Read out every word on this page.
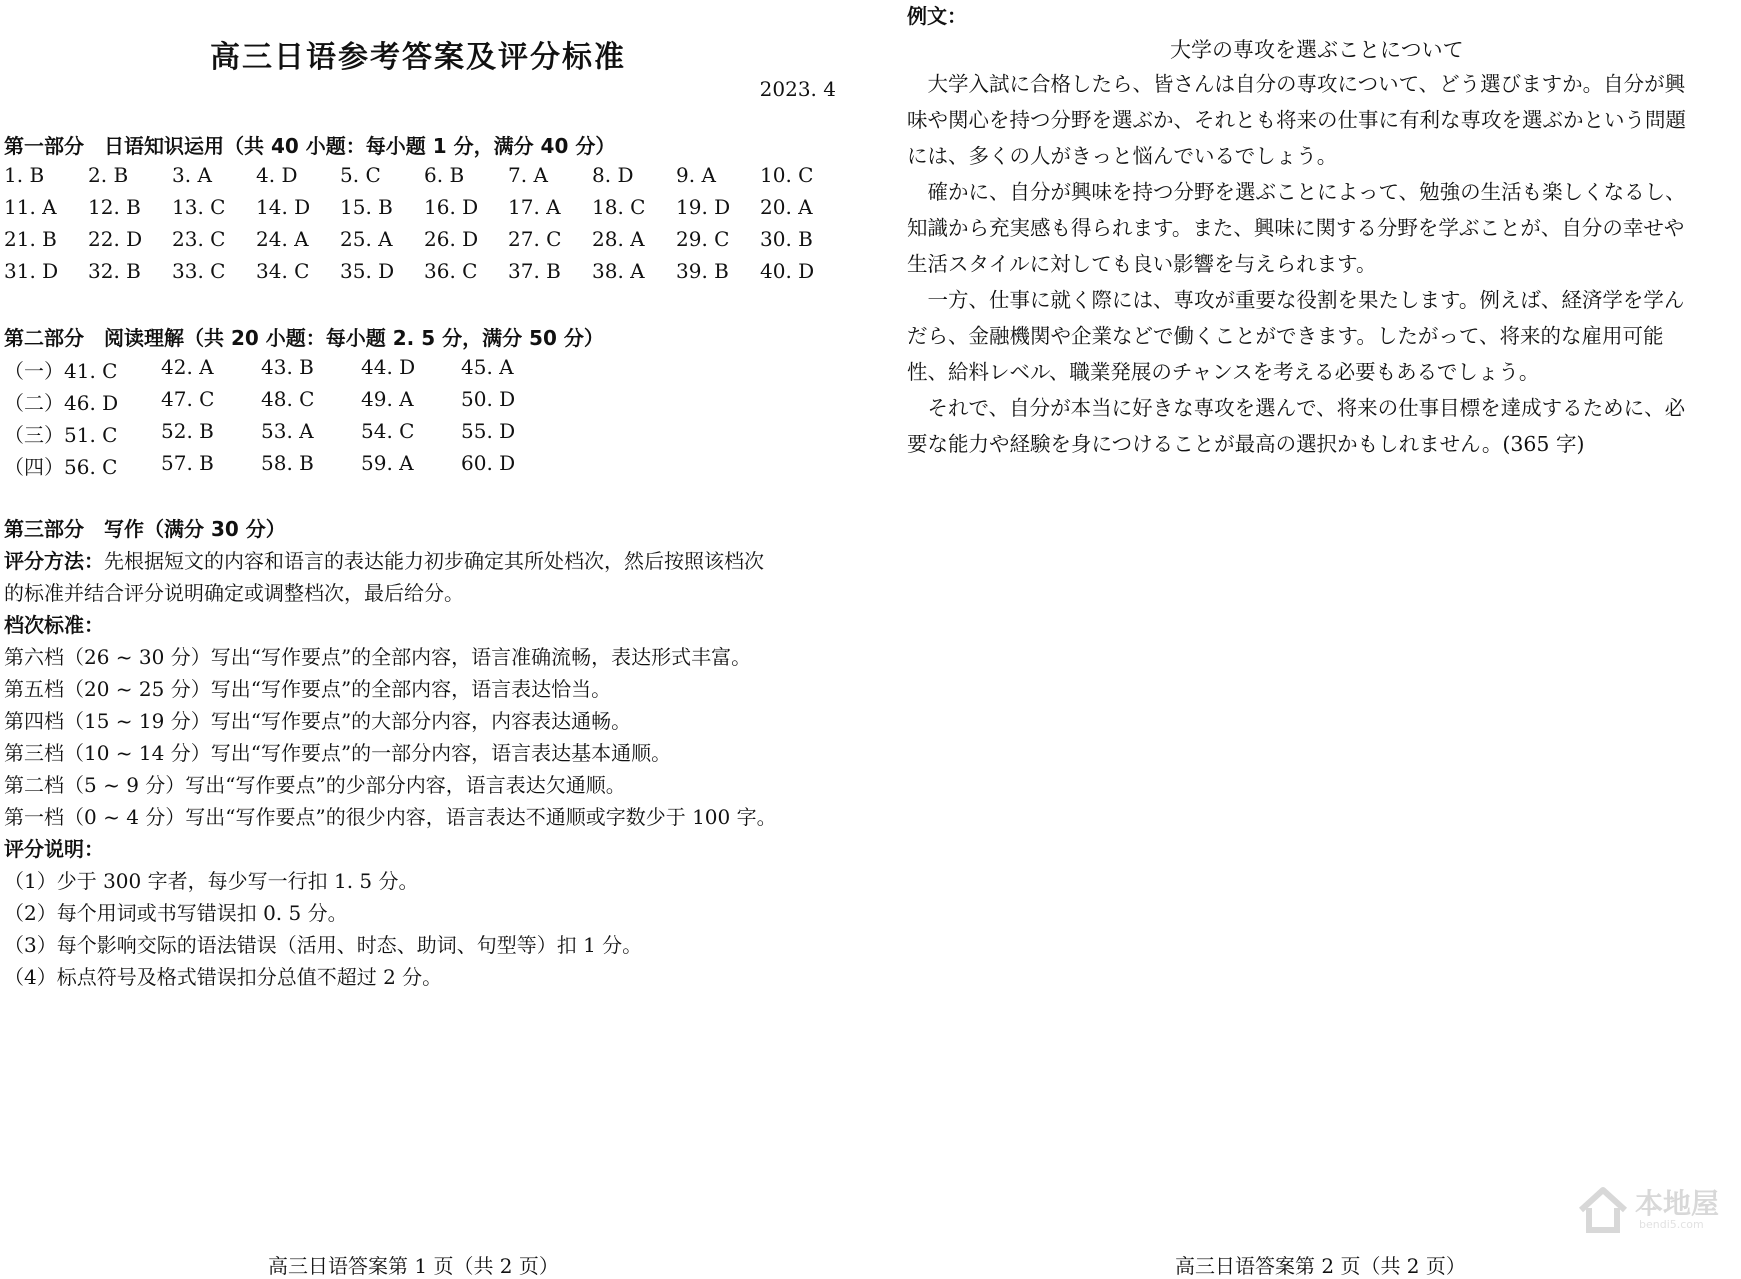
高三日语参考答案及评分标准
2023. 4
第一部分　日语知识运用（共 40 小题：每小题 1 分，满分 40 分）
1. B 2. B 3. A 4. D 5. C 6. B 7. A 8. D 9. A 10. C
11. A 12. B 13. C 14. D 15. B 16. D 17. A 18. C 19. D 20. A
21. B 22. D 23. C 24. A 25. A 26. D 27. C 28. A 29. C 30. B
31. D 32. B 33. C 34. C 35. D 36. C 37. B 38. A 39. B 40. D
第二部分　阅读理解（共 20 小题：每小题 2. 5 分，满分 50 分）
（一）41. C 42. A 43. B 44. D 45. A
（二）46. D 47. C 48. C 49. A 50. D
（三）51. C 52. B 53. A 54. C 55. D
（四）56. C 57. B 58. B 59. A 60. D
第三部分　写作（满分 30 分）
评分方法：先根据短文的内容和语言的表达能力初步确定其所处档次，然后按照该档次
的标准并结合评分说明确定或调整档次，最后给分。
档次标准：
第六档（26 ~ 30 分）写出“写作要点”的全部内容，语言准确流畅，表达形式丰富。
第五档（20 ~ 25 分）写出“写作要点”的全部内容，语言表达恰当。
第四档（15 ~ 19 分）写出“写作要点”的大部分内容，内容表达通畅。
第三档（10 ~ 14 分）写出“写作要点”的一部分内容，语言表达基本通顺。
第二档（5 ~ 9 分）写出“写作要点”的少部分内容，语言表达欠通顺。
第一档（0 ~ 4 分）写出“写作要点”的很少内容，语言表达不通顺或字数少于 100 字。
评分说明：
（1）少于 300 字者，每少写一行扣 1. 5 分。
（2）每个用词或书写错误扣 0. 5 分。
（3）每个影响交际的语法错误（活用、时态、助词、句型等）扣 1 分。
（4）标点符号及格式错误扣分总值不超过 2 分。
高三日语答案第 1 页（共 2 页）
例文：
大学の専攻を選ぶことについて
　大学入試に合格したら、皆さんは自分の専攻について、どう選びますか。自分が興
味や関心を持つ分野を選ぶか、それとも将来の仕事に有利な専攻を選ぶかという問題
には、多くの人がきっと悩んでいるでしょう。
　確かに、自分が興味を持つ分野を選ぶことによって、勉強の生活も楽しくなるし、
知識から充実感も得られます。また、興味に関する分野を学ぶことが、自分の幸せや
生活スタイルに対しても良い影響を与えられます。
　一方、仕事に就く際には、専攻が重要な役割を果たします。例えば、経済学を学ん
だら、金融機関や企業などで働くことができます。したがって、将来的な雇用可能
性、給料レベル、職業発展のチャンスを考える必要もあるでしょう。
　それで、自分が本当に好きな専攻を選んで、将来の仕事目標を達成するために、必
要な能力や経験を身につけることが最高の選択かもしれません。(365 字)
高三日语答案第 2 页（共 2 页）
本地屋
bendi5.com
